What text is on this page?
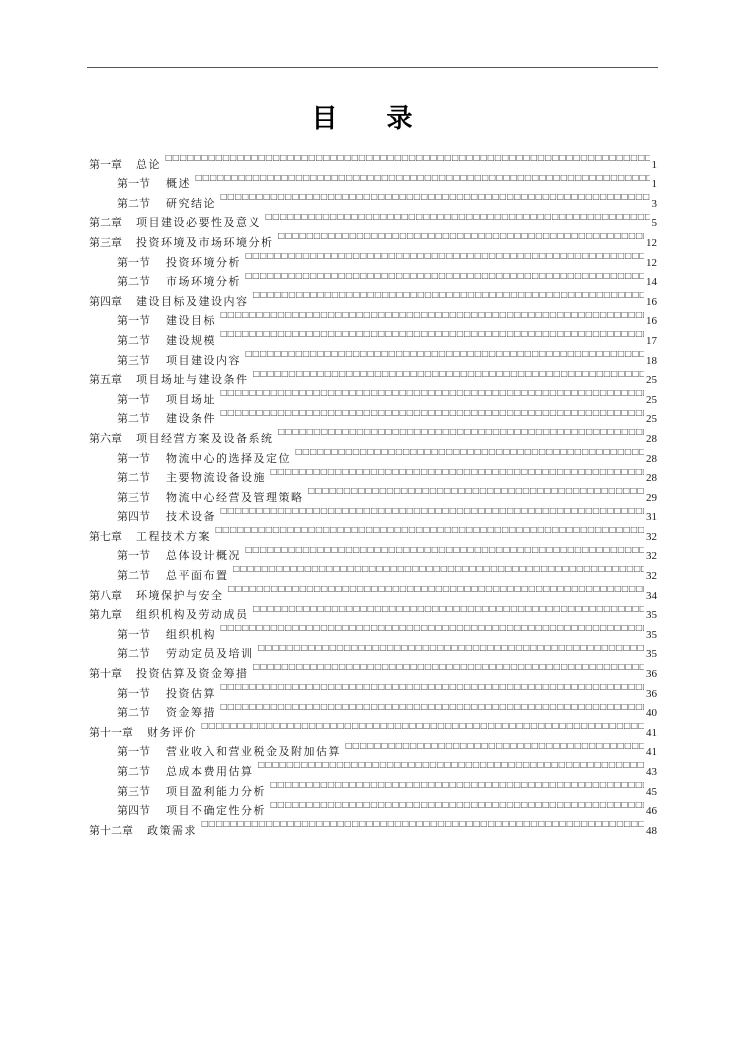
目 录
第一章 总论 □□□□□□□□□□□□□□□□□□□□□□□□□□□□□□□□□□□□□□□□□□□□□□□□□□□□□□□□□□□□□□□□□□□□□□□□□□□□□□□□□□□□□□□□□□□□□□□□□□□□□□□□□□□□□□□□□□□□	1
第一节 概述 □□□□□□□□□□□□□□□□□□□□□□□□□□□□□□□□□□□□□□□□□□□□□□□□□□□□□□□□□□□□□□□□□□□□□□□□□□□□□□□□□□□□□□□□□□□□□□□□□□□□□□□□□□□□□□□□□□□□	1
第二节 研究结论 □□□□□□□□□□□□□□□□□□□□□□□□□□□□□□□□□□□□□□□□□□□□□□□□□□□□□□□□□□□□□□□□□□□□□□□□□□□□□□□□□□□□□□□□□□□□□□□□□□□□□□□□□□□□□□□□□□□□	3
第二章 项目建设必要性及意义 □□□□□□□□□□□□□□□□□□□□□□□□□□□□□□□□□□□□□□□□□□□□□□□□□□□□□□□□□□□□□□□□□□□□□□□□□□□□□□□□□□□□□□□□□□□□□□□□□□□□□□□□□□□□□□□□□□□□	5
第三章 投资环境及市场环境分析 □□□□□□□□□□□□□□□□□□□□□□□□□□□□□□□□□□□□□□□□□□□□□□□□□□□□□□□□□□□□□□□□□□□□□□□□□□□□□□□□□□□□□□□□□□□□□□□□□□□□□□□□□□□□□□□□□□□□	12
第一节 投资环境分析 □□□□□□□□□□□□□□□□□□□□□□□□□□□□□□□□□□□□□□□□□□□□□□□□□□□□□□□□□□□□□□□□□□□□□□□□□□□□□□□□□□□□□□□□□□□□□□□□□□□□□□□□□□□□□□□□□□□□	12
第二节 市场环境分析 □□□□□□□□□□□□□□□□□□□□□□□□□□□□□□□□□□□□□□□□□□□□□□□□□□□□□□□□□□□□□□□□□□□□□□□□□□□□□□□□□□□□□□□□□□□□□□□□□□□□□□□□□□□□□□□□□□□□	14
第四章 建设目标及建设内容 □□□□□□□□□□□□□□□□□□□□□□□□□□□□□□□□□□□□□□□□□□□□□□□□□□□□□□□□□□□□□□□□□□□□□□□□□□□□□□□□□□□□□□□□□□□□□□□□□□□□□□□□□□□□□□□□□□□□	16
第一节 建设目标 □□□□□□□□□□□□□□□□□□□□□□□□□□□□□□□□□□□□□□□□□□□□□□□□□□□□□□□□□□□□□□□□□□□□□□□□□□□□□□□□□□□□□□□□□□□□□□□□□□□□□□□□□□□□□□□□□□□□	16
第二节 建设规模 □□□□□□□□□□□□□□□□□□□□□□□□□□□□□□□□□□□□□□□□□□□□□□□□□□□□□□□□□□□□□□□□□□□□□□□□□□□□□□□□□□□□□□□□□□□□□□□□□□□□□□□□□□□□□□□□□□□□	17
第三节 项目建设内容 □□□□□□□□□□□□□□□□□□□□□□□□□□□□□□□□□□□□□□□□□□□□□□□□□□□□□□□□□□□□□□□□□□□□□□□□□□□□□□□□□□□□□□□□□□□□□□□□□□□□□□□□□□□□□□□□□□□□	18
第五章 项目场址与建设条件 □□□□□□□□□□□□□□□□□□□□□□□□□□□□□□□□□□□□□□□□□□□□□□□□□□□□□□□□□□□□□□□□□□□□□□□□□□□□□□□□□□□□□□□□□□□□□□□□□□□□□□□□□□□□□□□□□□□□	25
第一节 项目场址 □□□□□□□□□□□□□□□□□□□□□□□□□□□□□□□□□□□□□□□□□□□□□□□□□□□□□□□□□□□□□□□□□□□□□□□□□□□□□□□□□□□□□□□□□□□□□□□□□□□□□□□□□□□□□□□□□□□□	25
第二节 建设条件 □□□□□□□□□□□□□□□□□□□□□□□□□□□□□□□□□□□□□□□□□□□□□□□□□□□□□□□□□□□□□□□□□□□□□□□□□□□□□□□□□□□□□□□□□□□□□□□□□□□□□□□□□□□□□□□□□□□□	25
第六章 项目经营方案及设备系统 □□□□□□□□□□□□□□□□□□□□□□□□□□□□□□□□□□□□□□□□□□□□□□□□□□□□□□□□□□□□□□□□□□□□□□□□□□□□□□□□□□□□□□□□□□□□□□□□□□□□□□□□□□□□□□□□□□□□	28
第一节 物流中心的选择及定位 □□□□□□□□□□□□□□□□□□□□□□□□□□□□□□□□□□□□□□□□□□□□□□□□□□□□□□□□□□□□□□□□□□□□□□□□□□□□□□□□□□□□□□□□□□□□□□□□□□□□□□□□□□□□□□□□□□□□	28
第二节 主要物流设备设施 □□□□□□□□□□□□□□□□□□□□□□□□□□□□□□□□□□□□□□□□□□□□□□□□□□□□□□□□□□□□□□□□□□□□□□□□□□□□□□□□□□□□□□□□□□□□□□□□□□□□□□□□□□□□□□□□□□□□	28
第三节 物流中心经营及管理策略 □□□□□□□□□□□□□□□□□□□□□□□□□□□□□□□□□□□□□□□□□□□□□□□□□□□□□□□□□□□□□□□□□□□□□□□□□□□□□□□□□□□□□□□□□□□□□□□□□□□□□□□□□□□□□□□□□□□□	29
第四节 技术设备 □□□□□□□□□□□□□□□□□□□□□□□□□□□□□□□□□□□□□□□□□□□□□□□□□□□□□□□□□□□□□□□□□□□□□□□□□□□□□□□□□□□□□□□□□□□□□□□□□□□□□□□□□□□□□□□□□□□□	31
第七章 工程技术方案 □□□□□□□□□□□□□□□□□□□□□□□□□□□□□□□□□□□□□□□□□□□□□□□□□□□□□□□□□□□□□□□□□□□□□□□□□□□□□□□□□□□□□□□□□□□□□□□□□□□□□□□□□□□□□□□□□□□□	32
第一节 总体设计概况 □□□□□□□□□□□□□□□□□□□□□□□□□□□□□□□□□□□□□□□□□□□□□□□□□□□□□□□□□□□□□□□□□□□□□□□□□□□□□□□□□□□□□□□□□□□□□□□□□□□□□□□□□□□□□□□□□□□□	32
第二节 总平面布置 □□□□□□□□□□□□□□□□□□□□□□□□□□□□□□□□□□□□□□□□□□□□□□□□□□□□□□□□□□□□□□□□□□□□□□□□□□□□□□□□□□□□□□□□□□□□□□□□□□□□□□□□□□□□□□□□□□□□	32
第八章 环境保护与安全 □□□□□□□□□□□□□□□□□□□□□□□□□□□□□□□□□□□□□□□□□□□□□□□□□□□□□□□□□□□□□□□□□□□□□□□□□□□□□□□□□□□□□□□□□□□□□□□□□□□□□□□□□□□□□□□□□□□□	34
第九章 组织机构及劳动成员 □□□□□□□□□□□□□□□□□□□□□□□□□□□□□□□□□□□□□□□□□□□□□□□□□□□□□□□□□□□□□□□□□□□□□□□□□□□□□□□□□□□□□□□□□□□□□□□□□□□□□□□□□□□□□□□□□□□□	35
第一节 组织机构 □□□□□□□□□□□□□□□□□□□□□□□□□□□□□□□□□□□□□□□□□□□□□□□□□□□□□□□□□□□□□□□□□□□□□□□□□□□□□□□□□□□□□□□□□□□□□□□□□□□□□□□□□□□□□□□□□□□□	35
第二节 劳动定员及培训 □□□□□□□□□□□□□□□□□□□□□□□□□□□□□□□□□□□□□□□□□□□□□□□□□□□□□□□□□□□□□□□□□□□□□□□□□□□□□□□□□□□□□□□□□□□□□□□□□□□□□□□□□□□□□□□□□□□□	35
第十章 投资估算及资金筹措 □□□□□□□□□□□□□□□□□□□□□□□□□□□□□□□□□□□□□□□□□□□□□□□□□□□□□□□□□□□□□□□□□□□□□□□□□□□□□□□□□□□□□□□□□□□□□□□□□□□□□□□□□□□□□□□□□□□□	36
第一节 投资估算 □□□□□□□□□□□□□□□□□□□□□□□□□□□□□□□□□□□□□□□□□□□□□□□□□□□□□□□□□□□□□□□□□□□□□□□□□□□□□□□□□□□□□□□□□□□□□□□□□□□□□□□□□□□□□□□□□□□□	36
第二节 资金筹措 □□□□□□□□□□□□□□□□□□□□□□□□□□□□□□□□□□□□□□□□□□□□□□□□□□□□□□□□□□□□□□□□□□□□□□□□□□□□□□□□□□□□□□□□□□□□□□□□□□□□□□□□□□□□□□□□□□□□	40
第十一章 财务评价 □□□□□□□□□□□□□□□□□□□□□□□□□□□□□□□□□□□□□□□□□□□□□□□□□□□□□□□□□□□□□□□□□□□□□□□□□□□□□□□□□□□□□□□□□□□□□□□□□□□□□□□□□□□□□□□□□□□□	41
第一节 营业收入和营业税金及附加估算 □□□□□□□□□□□□□□□□□□□□□□□□□□□□□□□□□□□□□□□□□□□□□□□□□□□□□□□□□□□□□□□□□□□□□□□□□□□□□□□□□□□□□□□□□□□□□□□□□□□□□□□□□□□□□□□□□□□□	41
第二节 总成本费用估算 □□□□□□□□□□□□□□□□□□□□□□□□□□□□□□□□□□□□□□□□□□□□□□□□□□□□□□□□□□□□□□□□□□□□□□□□□□□□□□□□□□□□□□□□□□□□□□□□□□□□□□□□□□□□□□□□□□□□	43
第三节 项目盈利能力分析 □□□□□□□□□□□□□□□□□□□□□□□□□□□□□□□□□□□□□□□□□□□□□□□□□□□□□□□□□□□□□□□□□□□□□□□□□□□□□□□□□□□□□□□□□□□□□□□□□□□□□□□□□□□□□□□□□□□□	45
第四节 项目不确定性分析 □□□□□□□□□□□□□□□□□□□□□□□□□□□□□□□□□□□□□□□□□□□□□□□□□□□□□□□□□□□□□□□□□□□□□□□□□□□□□□□□□□□□□□□□□□□□□□□□□□□□□□□□□□□□□□□□□□□□	46
第十二章 政策需求 □□□□□□□□□□□□□□□□□□□□□□□□□□□□□□□□□□□□□□□□□□□□□□□□□□□□□□□□□□□□□□□□□□□□□□□□□□□□□□□□□□□□□□□□□□□□□□□□□□□□□□□□□□□□□□□□□□□□	48
